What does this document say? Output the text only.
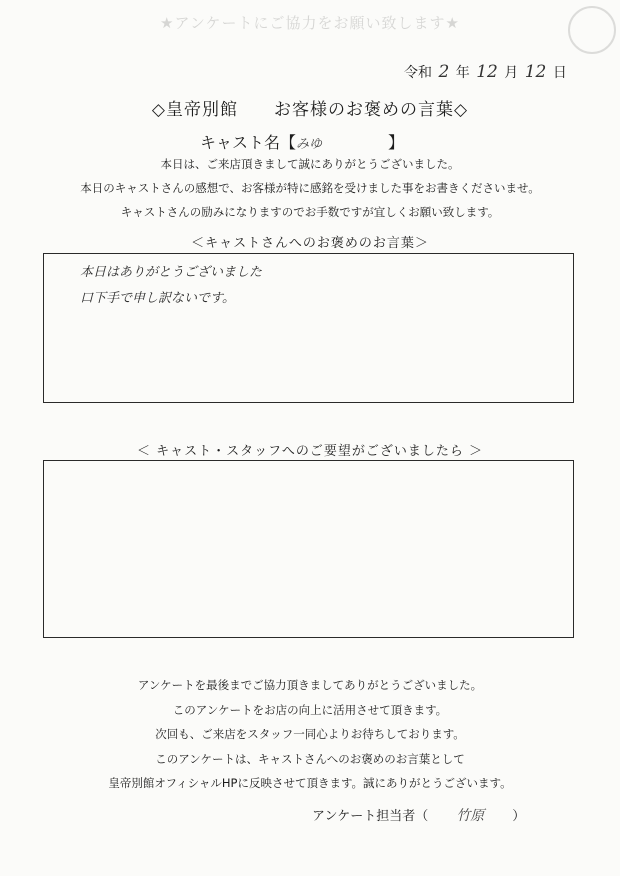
★アンケートにご協力をお願い致します★
令和 2 年 12 月 12 日
◇皇帝別館　　お客様のお褒めの言葉◇
キャスト名【みゆ	】
本日は、ご来店頂きまして誠にありがとうございました。
本日のキャストさんの感想で、お客様が特に感銘を受けました事をお書きくださいませ。
キャストさんの励みになりますのでお手数ですが宜しくお願い致します。
＜キャストさんへのお褒めのお言葉＞
本日はありがとうございました
口下手で申し訳ないです。
＜ キャスト・スタッフへのご要望がございましたら ＞
アンケートを最後までご協力頂きましてありがとうございました。
このアンケートをお店の向上に活用させて頂きます。
次回も、ご来店をスタッフ一同心よりお待ちしております。
このアンケートは、キャストさんへのお褒めのお言葉として
皇帝別館オフィシャルHPに反映させて頂きます。誠にありがとうございます。
アンケート担当者（ 竹原 ）
